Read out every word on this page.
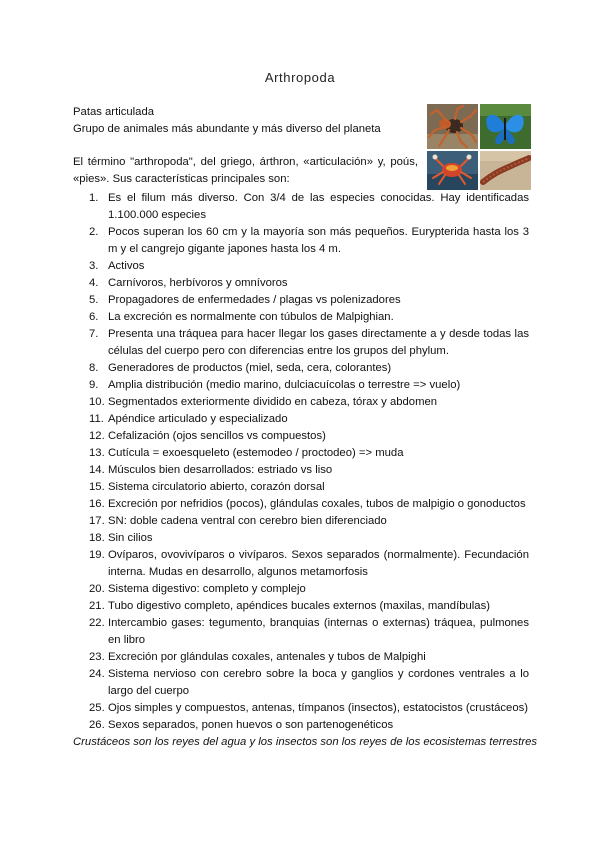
Arthropoda
Patas articulada
Grupo de animales más abundante y más diverso del planeta
El término "arthropoda", del griego, árthron, «articulación» y, poús, «pies». Sus características principales son:
1. Es el filum más diverso. Con 3/4 de las especies conocidas. Hay identificadas 1.100.000 especies
2. Pocos superan los 60 cm y la mayoría son más pequeños. Eurypterida hasta los 3 m y el cangrejo gigante japones hasta los 4 m.
3. Activos
4. Carnívoros, herbívoros y omnívoros
5. Propagadores de enfermedades / plagas vs polenizadores
6. La excreción es normalmente con túbulos de Malpighian.
7. Presenta una tráquea para hacer llegar los gases directamente a y desde todas las células del cuerpo pero con diferencias entre los grupos del phylum.
8. Generadores de productos (miel, seda, cera, colorantes)
9. Amplia distribución (medio marino, dulciacuícolas o terrestre => vuelo)
10. Segmentados exteriormente dividido en cabeza, tórax y abdomen
11. Apéndice articulado y especializado
12. Cefalización (ojos sencillos vs compuestos)
13. Cutícula = exoesqueleto (estemodeo / proctodeo) => muda
14. Músculos bien desarrollados: estriado vs liso
15. Sistema circulatorio abierto, corazón dorsal
16. Excreción por nefridios (pocos), glándulas coxales, tubos de malpigio o gonoductos
17. SN: doble cadena ventral con cerebro bien diferenciado
18. Sin cilios
19. Ovíparos, ovovivíparos o vivíparos. Sexos separados (normalmente). Fecundación interna. Mudas en desarrollo, algunos metamorfosis
20. Sistema digestivo: completo y complejo
21. Tubo digestivo completo, apéndices bucales externos (maxilas, mandíbulas)
22. Intercambio gases: tegumento, branquias (internas o externas) tráquea, pulmones en libro
23. Excreción por glándulas coxales, antenales y tubos de Malpighi
24. Sistema nervioso con cerebro sobre la boca y ganglios y cordones ventrales a lo largo del cuerpo
25. Ojos simples y compuestos, antenas, tímpanos (insectos), estatocistos (crustáceos)
26. Sexos separados, ponen huevos o son partenogenéticos
Crustáceos son los reyes del agua y los insectos son los reyes de los ecosistemas terrestres
